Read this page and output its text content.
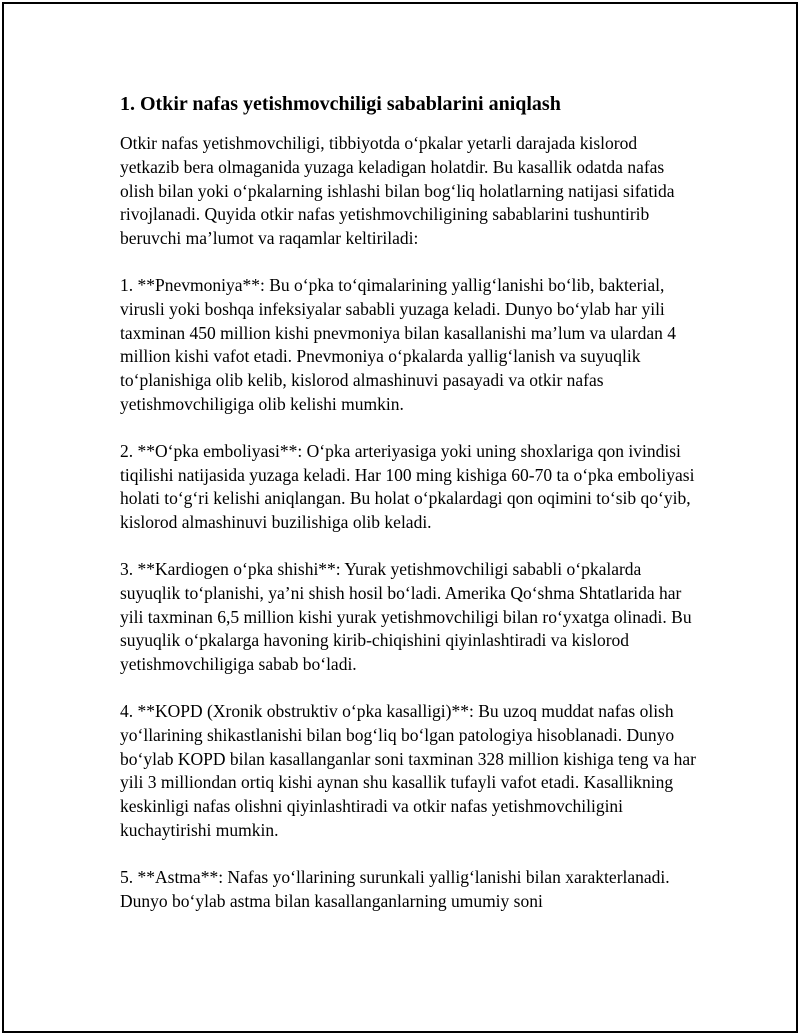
1. Otkir nafas yetishmovchiligi sabablarini aniqlash

Otkir nafas yetishmovchiligi, tibbiyotda o‘pkalar yetarli darajada kislorod yetkazib bera olmaganida yuzaga keladigan holatdir. Bu kasallik odatda nafas olish bilan yoki o‘pkalarning ishlashi bilan bog‘liq holatlarning natijasi sifatida rivojlanadi. Quyida otkir nafas yetishmovchiligining sabablarini tushuntirib beruvchi ma’lumot va raqamlar keltiriladi:

1. **Pnevmoniya**: Bu o‘pka to‘qimalarining yallig‘lanishi bo‘lib, bakterial, virusli yoki boshqa infeksiyalar sababli yuzaga keladi. Dunyo bo‘ylab har yili taxminan 450 million kishi pnevmoniya bilan kasallanishi ma’lum va ulardan 4 million kishi vafot etadi. Pnevmoniya o‘pkalarda yallig‘lanish va suyuqlik to‘planishiga olib kelib, kislorod almashinuvi pasayadi va otkir nafas yetishmovchiligiga olib kelishi mumkin.

2. **O‘pka emboliyasi**: O‘pka arteriyasiga yoki uning shoxlariga qon ivindisi tiqilishi natijasida yuzaga keladi. Har 100 ming kishiga 60-70 ta o‘pka emboliyasi holati to‘g‘ri kelishi aniqlangan. Bu holat o‘pkalardagi qon oqimini to‘sib qo‘yib, kislorod almashinuvi buzilishiga olib keladi.

3. **Kardiogen o‘pka shishi**: Yurak yetishmovchiligi sababli o‘pkalarda suyuqlik to‘planishi, ya’ni shish hosil bo‘ladi. Amerika Qo‘shma Shtatlarida har yili taxminan 6,5 million kishi yurak yetishmovchiligi bilan ro‘yxatga olinadi. Bu suyuqlik o‘pkalarga havoning kirib-chiqishini qiyinlashtiradi va kislorod yetishmovchiligiga sabab bo‘ladi.

4. **KOPD (Xronik obstruktiv o‘pka kasalligi)**: Bu uzoq muddat nafas olish yo‘llarining shikastlanishi bilan bog‘liq bo‘lgan patologiya hisoblanadi. Dunyo bo‘ylab KOPD bilan kasallanganlar soni taxminan 328 million kishiga teng va har yili 3 milliondan ortiq kishi aynan shu kasallik tufayli vafot etadi. Kasallikning keskinligi nafas olishni qiyinlashtiradi va otkir nafas yetishmovchiligini kuchaytirishi mumkin.

5. **Astma**: Nafas yo‘llarining surunkali yallig‘lanishi bilan xarakterlanadi. Dunyo bo‘ylab astma bilan kasallanganlarning umumiy soni
